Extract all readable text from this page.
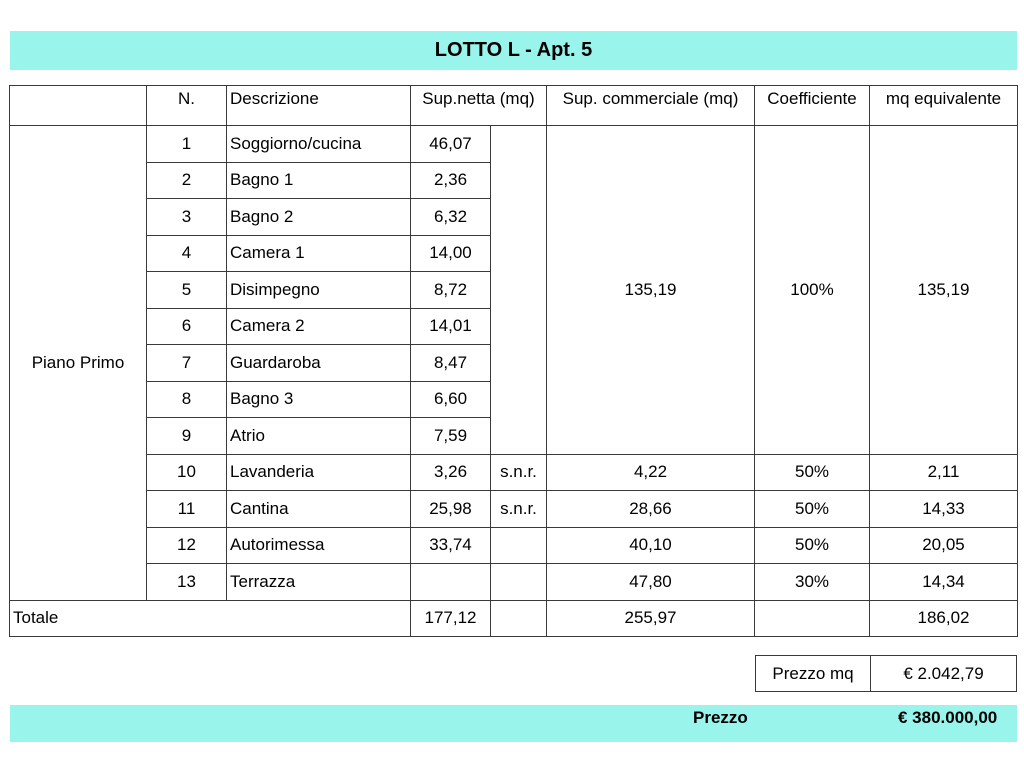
LOTTO L - Apt. 5
	N.	Descrizione	Sup.netta (mq)		Sup. commerciale (mq)	Coefficiente	mq equivalente
Piano Primo	1	Soggiorno/cucina	46,07		135,19	100%	135,19
	2	Bagno 1	2,36				
	3	Bagno 2	6,32				
	4	Camera 1	14,00				
	5	Disimpegno	8,72				
	6	Camera 2	14,01				
	7	Guardaroba	8,47				
	8	Bagno 3	6,60				
	9	Atrio	7,59				
	10	Lavanderia	3,26	s.n.r.	4,22	50%	2,11
	11	Cantina	25,98	s.n.r.	28,66	50%	14,33
	12	Autorimessa	33,74		40,10	50%	20,05
	13	Terrazza			47,80	30%	14,34
Totale			177,12		255,97		186,02
Prezzo mq	€ 2.042,79
Prezzo	€ 380.000,00
